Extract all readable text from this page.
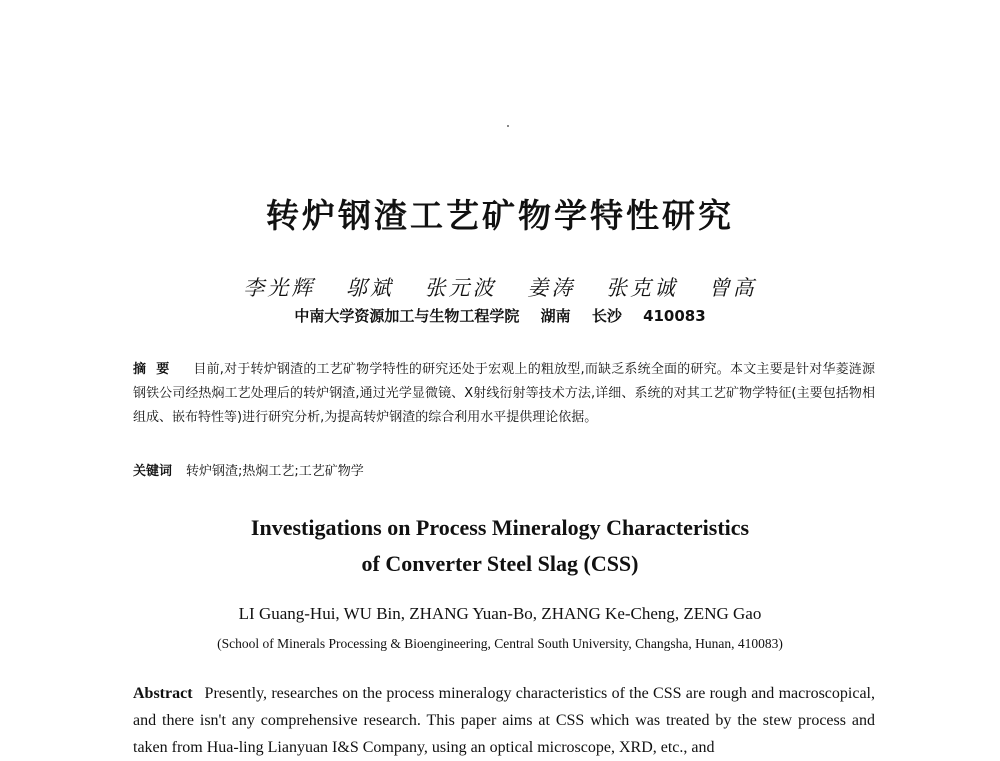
转炉钢渣工艺矿物学特性研究
李光辉 邬斌 张元波 姜涛 张克诚 曾高
中南大学资源加工与生物工程学院 湖南 长沙 410083
摘要 目前,对于转炉钢渣的工艺矿物学特性的研究还处于宏观上的粗放型,而缺乏系统全面的研究。本文主要是针对华菱涟源钢铁公司经热焖工艺处理后的转炉钢渣,通过光学显微镜、X射线衍射等技术方法,详细、系统的对其工艺矿物学特征(主要包括物相组成、嵌布特性等)进行研究分析,为提高转炉钢渣的综合利用水平提供理论依据。
关键词 转炉钢渣;热焖工艺;工艺矿物学
Investigations on Process Mineralogy Characteristics
of Converter Steel Slag (CSS)
LI Guang-Hui, WU Bin, ZHANG Yuan-Bo, ZHANG Ke-Cheng, ZENG Gao
(School of Minerals Processing & Bioengineering, Central South University, Changsha, Hunan, 410083)
Abstract Presently, researches on the process mineralogy characteristics of the CSS are rough and macroscopical, and there isn't any comprehensive research. This paper aims at CSS which was treated by the stew process and taken from Hua-ling Lianyuan I&S Company, using an optical microscope, XRD, etc., and
